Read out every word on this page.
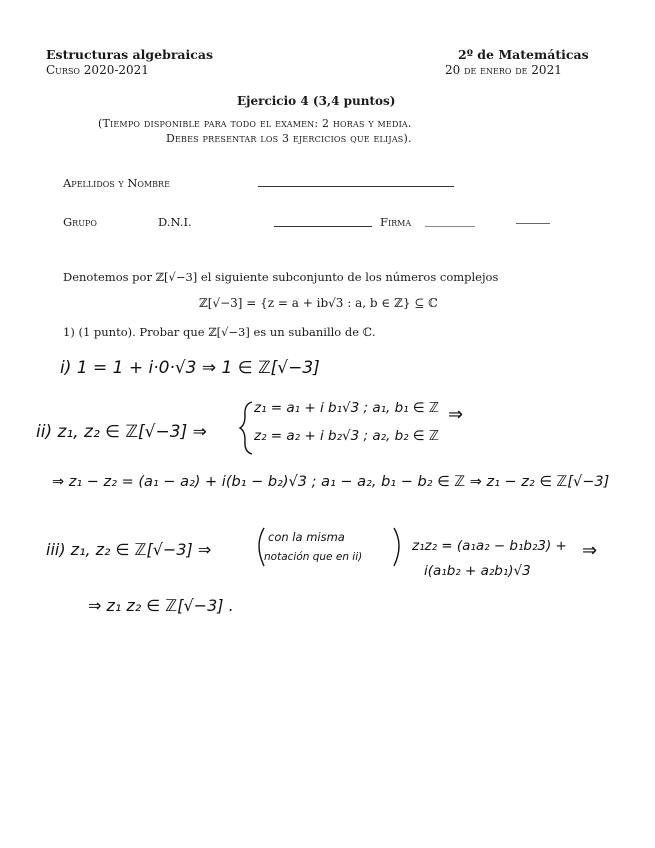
Estructuras algebraicas
Curso 2020-2021
2º de Matemáticas
20 de enero de 2021
Ejercicio 4 (3,4 puntos)
(Tiempo disponible para todo el examen: 2 horas y media.
Debes presentar los 3 ejercicios que elijas).
Apellidos y Nombre
Grupo	D.N.I.	Firma
Denotemos por ℤ[√−3] el siguiente subconjunto de los números complejos
ℤ[√−3] = {z = a + ib√3 : a, b ∈ ℤ} ⊆ ℂ
1) (1 punto). Probar que ℤ[√−3] es un subanillo de ℂ.
i) 1 = 1 + i·0·√3 ⇒ 1 ∈ ℤ[√−3]
ii) z₁, z₂ ∈ ℤ[√−3] ⇒
z₁ = a₁ + i b₁√3 ; a₁, b₁ ∈ ℤ
z₂ = a₂ + i b₂√3 ; a₂, b₂ ∈ ℤ
⇒
⇒ z₁ − z₂ = (a₁ − a₂) + i(b₁ − b₂)√3 ; a₁ − a₂, b₁ − b₂ ∈ ℤ ⇒ z₁ − z₂ ∈ ℤ[√−3]
iii) z₁, z₂ ∈ ℤ[√−3] ⇒
con la misma
notación que en ii)
z₁z₂ = (a₁a₂ − b₁b₂3) +
i(a₁b₂ + a₂b₁)√3
⇒
⇒ z₁ z₂ ∈ ℤ[√−3] .
